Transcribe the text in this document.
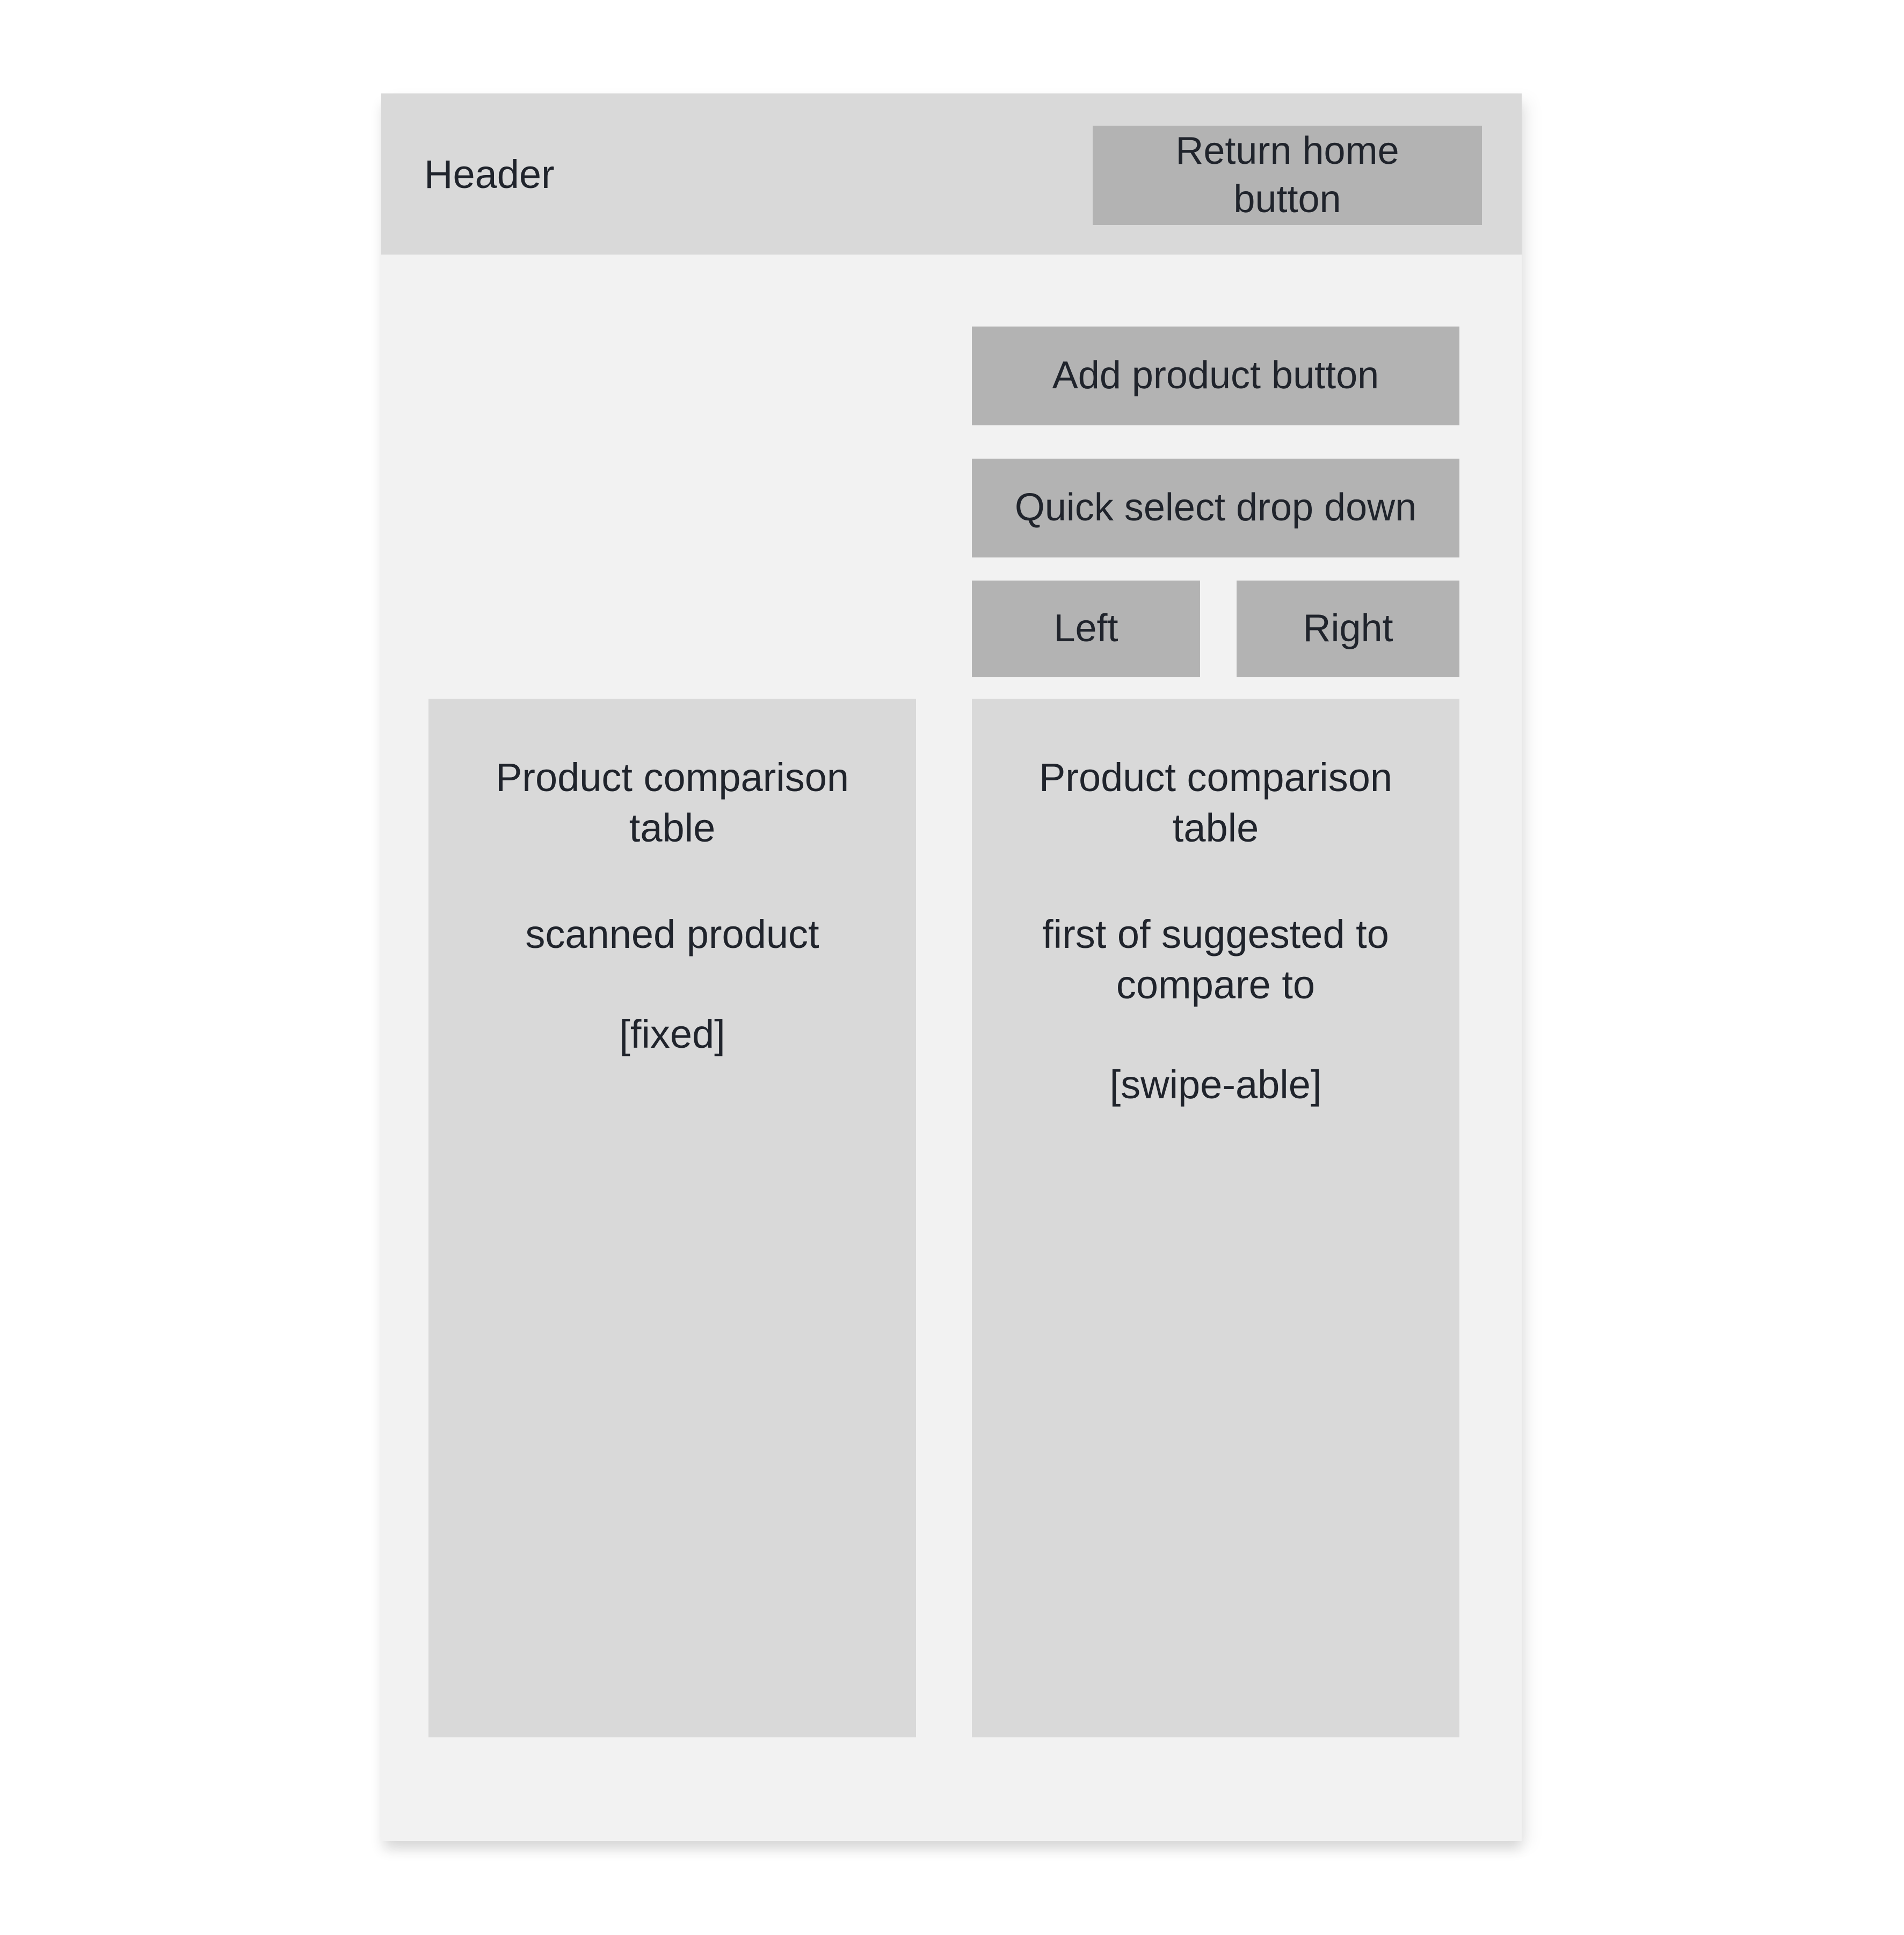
Header
Return home button
Add product button
Quick select drop down
Left	Right

Product comparison table

scanned product

[fixed]

Product comparison table

first of suggested to compare to

[swipe-able]
